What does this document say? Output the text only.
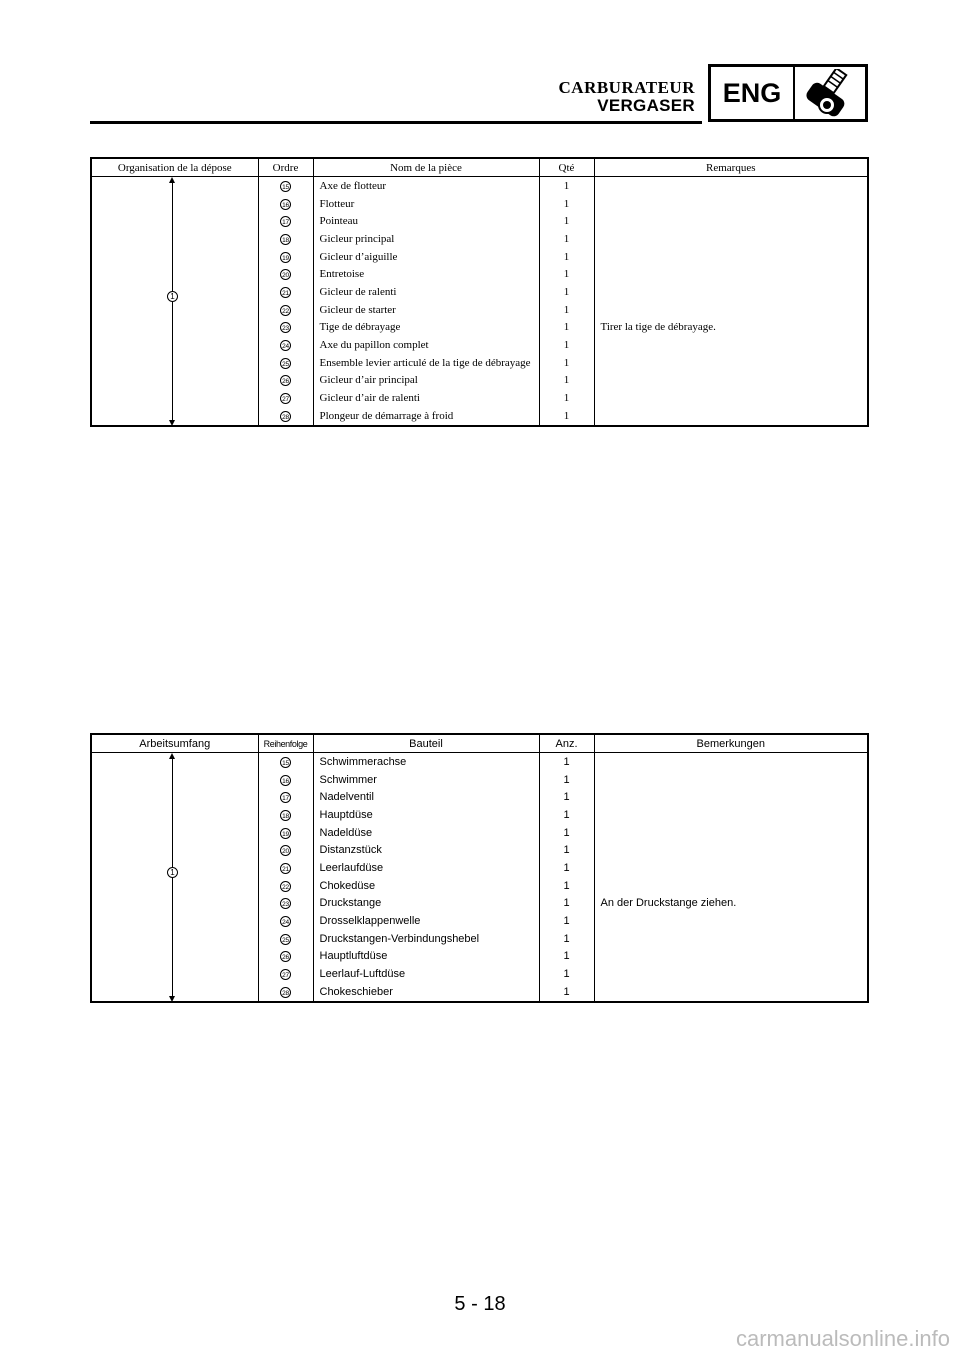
CARBURATEUR
VERGASER	ENG
Organisation de la dépose	Ordre	Nom de la pièce	Qté	Remarques

1	15	Axe de flotteur	1	
	16	Flotteur	1	
	17	Pointeau	1	
	18	Gicleur principal	1	
	19	Gicleur d’aiguille	1	
	20	Entretoise	1	
	21	Gicleur de ralenti	1	
	22	Gicleur de starter	1	
	23	Tige de débrayage	1	Tirer la tige de débrayage.
	24	Axe du papillon complet	1	
	25	Ensemble levier articulé de la tige de débrayage	1	
	26	Gicleur d’air principal	1	
	27	Gicleur d’air de ralenti	1	
	28	Plongeur de démarrage à froid	1	
Arbeitsumfang	Reihenfolge	Bauteil	Anz.	Bemerkungen

1	15	Schwimmerachse	1	
	16	Schwimmer	1	
	17	Nadelventil	1	
	18	Hauptdüse	1	
	19	Nadeldüse	1	
	20	Distanzstück	1	
	21	Leerlaufdüse	1	
	22	Chokedüse	1	
	23	Druckstange	1	An der Druckstange ziehen.
	24	Drosselklappenwelle	1	
	25	Druckstangen-Verbindungshebel	1	
	26	Hauptluftdüse	1	
	27	Leerlauf-Luftdüse	1	
	28	Chokeschieber	1	
5 - 18
carmanualsonline.info
